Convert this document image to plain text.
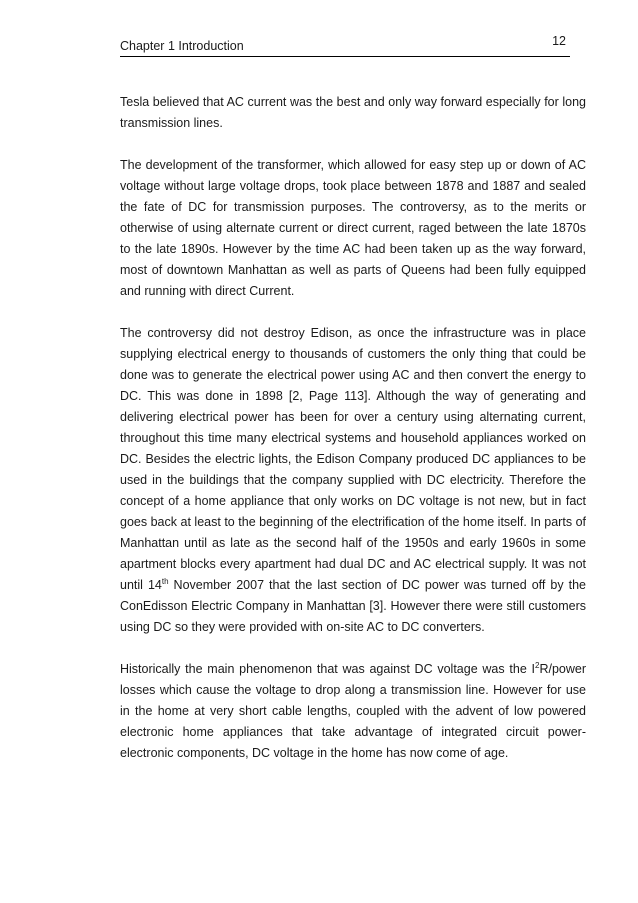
Chapter 1 Introduction	12

Tesla believed that AC current was the best and only way forward especially for long transmission lines.

The development of the transformer, which allowed for easy step up or down of AC voltage without large voltage drops, took place between 1878 and 1887 and sealed the fate of DC for transmission purposes. The controversy, as to the merits or otherwise of using alternate current or direct current, raged between the late 1870s to the late 1890s. However by the time AC had been taken up as the way forward, most of downtown Manhattan as well as parts of Queens had been fully equipped and running with direct Current.

The controversy did not destroy Edison, as once the infrastructure was in place supplying electrical energy to thousands of customers the only thing that could be done was to generate the electrical power using AC and then convert the energy to DC. This was done in 1898 [2, Page 113]. Although the way of generating and delivering electrical power has been for over a century using alternating current, throughout this time many electrical systems and household appliances worked on DC. Besides the electric lights, the Edison Company produced DC appliances to be used in the buildings that the company supplied with DC electricity. Therefore the concept of a home appliance that only works on DC voltage is not new, but in fact goes back at least to the beginning of the electrification of the home itself. In parts of Manhattan until as late as the second half of the 1950s and early 1960s in some apartment blocks every apartment had dual DC and AC electrical supply. It was not until 14th November 2007 that the last section of DC power was turned off by the ConEdisson Electric Company in Manhattan [3]. However there were still customers using DC so they were provided with on-site AC to DC converters.

Historically the main phenomenon that was against DC voltage was the $I^2R$/power losses which cause the voltage to drop along a transmission line. However for use in the home at very short cable lengths, coupled with the advent of low powered electronic home appliances that take advantage of integrated circuit power-electronic components, DC voltage in the home has now come of age.
